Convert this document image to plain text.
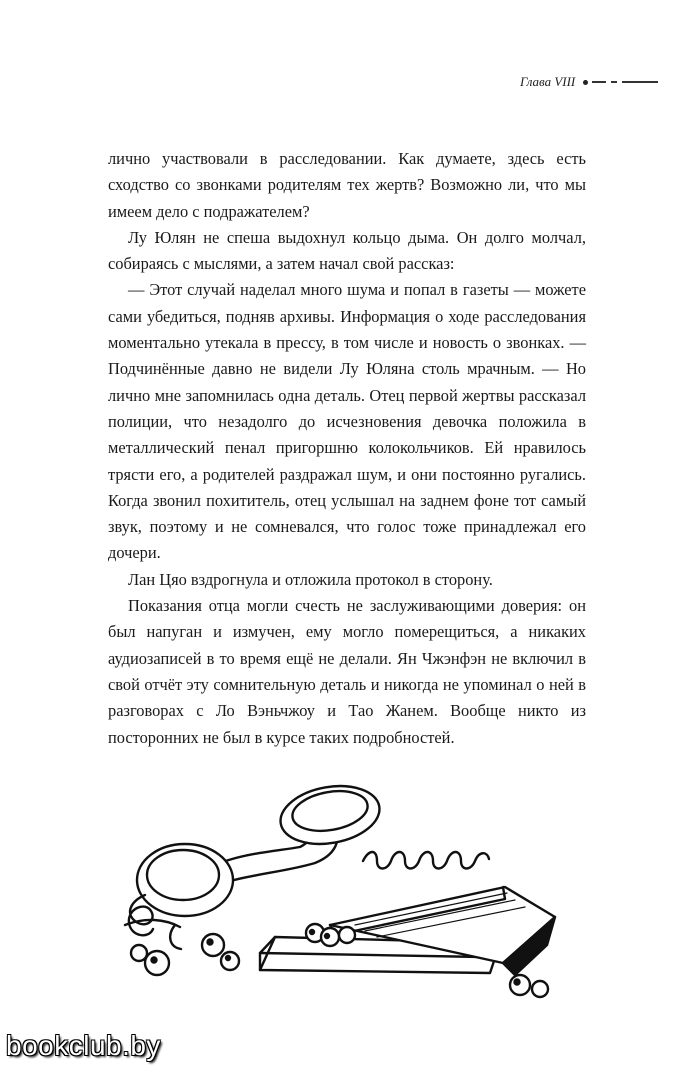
Глава VIII

лично участвовали в расследовании. Как думаете, здесь есть сходство со звонками родителям тех жертв? Возможно ли, что мы имеем дело с подражателем?

Лу Юлян не спеша выдохнул кольцо дыма. Он долго молчал, собираясь с мыслями, а затем начал свой рассказ:

— Этот случай наделал много шума и попал в газеты — можете сами убедиться, подняв архивы. Информация о ходе расследования моментально утекала в прессу, в том числе и новость о звонках. — Подчинённые давно не видели Лу Юляна столь мрачным. — Но лично мне запомнилась одна деталь. Отец первой жертвы рассказал полиции, что незадолго до исчезновения девочка положила в металлический пенал пригоршню колокольчиков. Ей нравилось трясти его, а родителей раздражал шум, и они постоянно ругались. Когда звонил похититель, отец услышал на заднем фоне тот самый звук, поэтому и не сомневался, что голос тоже принадлежал его дочери.

Лан Цяо вздрогнула и отложила протокол в сторону.

Показания отца могли счесть не заслуживающими доверия: он был напуган и измучен, ему могло померещиться, а никаких аудиозаписей в то время ещё не делали. Ян Чжэнфэн не включил в свой отчёт эту сомнительную деталь и никогда не упоминал о ней в разговорах с Ло Вэньчжоу и Тао Жанем. Вообще никто из посторонних не был в курсе таких подробностей.

bookclub.by
